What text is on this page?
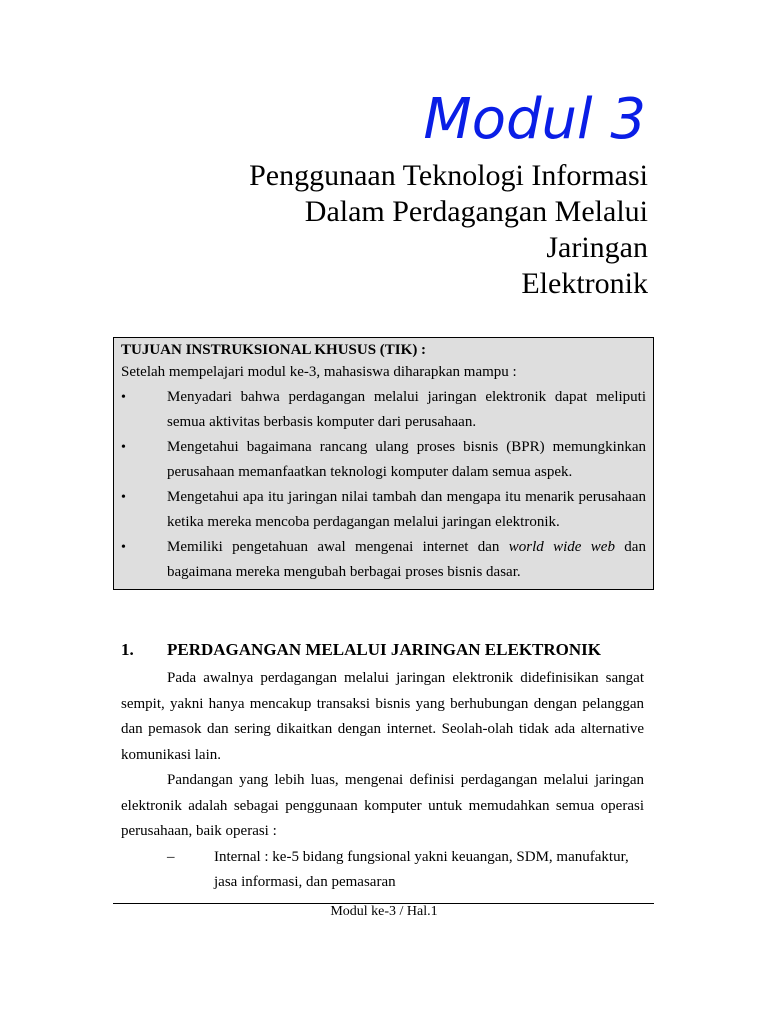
Modul 3
Penggunaan Teknologi Informasi
Dalam Perdagangan Melalui
Jaringan
Elektronik
TUJUAN INSTRUKSIONAL KHUSUS (TIK) :
Setelah mempelajari modul ke-3, mahasiswa diharapkan mampu :
•	Menyadari bahwa perdagangan melalui jaringan elektronik dapat meliputi semua aktivitas berbasis komputer dari perusahaan.
•	Mengetahui bagaimana rancang ulang proses bisnis (BPR) memungkinkan perusahaan memanfaatkan teknologi komputer dalam semua aspek.
•	Mengetahui apa itu jaringan nilai tambah dan mengapa itu menarik perusahaan ketika mereka mencoba perdagangan melalui jaringan elektronik.
•	Memiliki pengetahuan awal mengenai internet dan world wide web dan bagaimana mereka mengubah berbagai proses bisnis dasar.
1.	PERDAGANGAN MELALUI JARINGAN ELEKTRONIK

Pada awalnya perdagangan melalui jaringan elektronik didefinisikan sangat sempit, yakni hanya mencakup transaksi bisnis yang berhubungan dengan pelanggan dan pemasok dan sering dikaitkan dengan internet. Seolah-olah tidak ada alternative komunikasi lain.

Pandangan yang lebih luas, mengenai definisi perdagangan melalui jaringan elektronik adalah sebagai penggunaan komputer untuk memudahkan semua operasi perusahaan, baik operasi :

–	Internal : ke-5 bidang fungsional yakni keuangan, SDM, manufaktur, jasa informasi, dan pemasaran
Modul ke-3 / Hal.1
